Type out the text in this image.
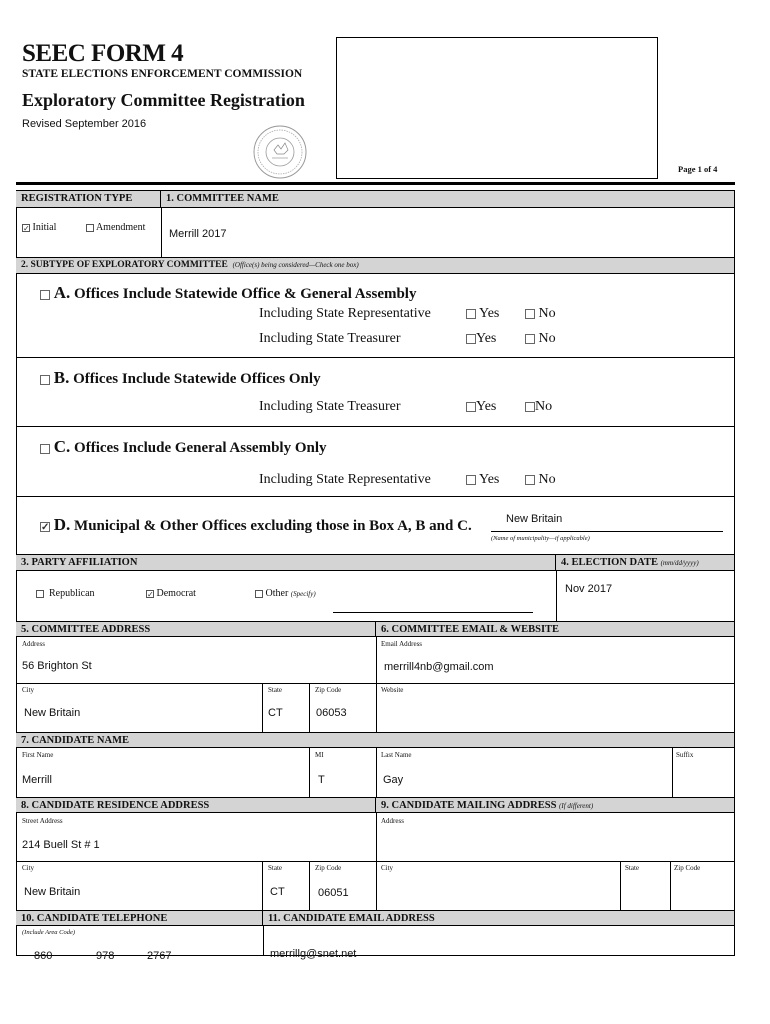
SEEC FORM 4
STATE ELECTIONS ENFORCEMENT COMMISSION
Exploratory Committee Registration
Revised September 2016
Page 1 of 4
REGISTRATION TYPE	1. COMMITTEE NAME
✓ Initial	Amendment
Merrill 2017
2. SUBTYPE OF EXPLORATORY COMMITTEE (Office(s) being considered—Check one box)
A. Offices Include Statewide Office & General Assembly
Including State Representative	Yes	No
Including State Treasurer	Yes	No
B. Offices Include Statewide Offices Only
Including State Treasurer	Yes	No
C. Offices Include General Assembly Only
Including State Representative	Yes	No
✓ D. Municipal & Other Offices excluding those in Box A, B and C.	New Britain
(Name of municipality—if applicable)
3. PARTY AFFILIATION	4. ELECTION DATE (mm/dd/yyyy)
Republican	✓ Democrat	Other (Specify)	Nov 2017
5. COMMITTEE ADDRESS	6. COMMITTEE EMAIL & WEBSITE
Address
56 Brighton St
City	State	Zip Code
New Britain	CT	06053
Email Address
merrill4nb@gmail.com
Website
7. CANDIDATE NAME
First Name	MI	Last Name	Suffix
Merrill	T	Gay
8. CANDIDATE RESIDENCE ADDRESS	9. CANDIDATE MAILING ADDRESS (If different)
Street Address
214 Buell St # 1
Address
City	State	Zip Code
New Britain	CT	06051
City	State	Zip Code
10. CANDIDATE TELEPHONE	11. CANDIDATE EMAIL ADDRESS
(Include Area Code)
860	978	2767	merrillg@snet.net
